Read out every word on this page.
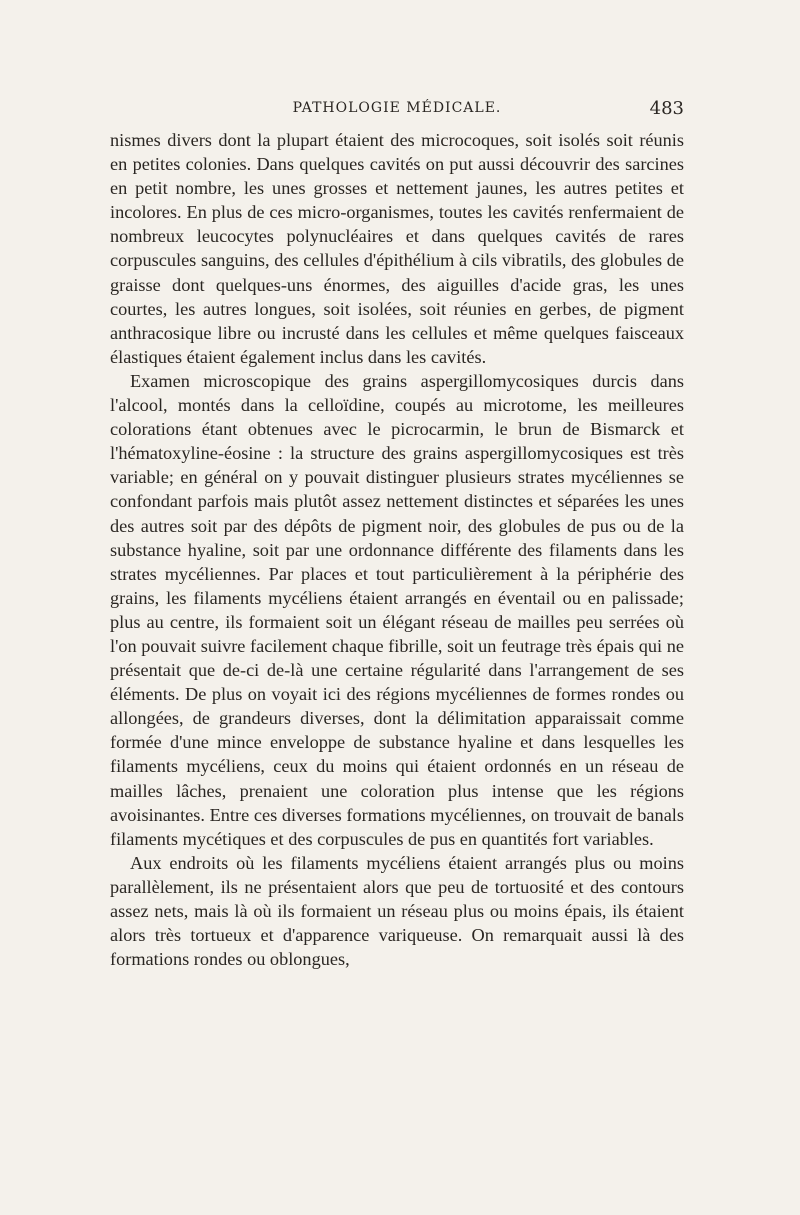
PATHOLOGIE MÉDICALE.	483

nismes divers dont la plupart étaient des microcoques, soit isolés soit réunis en petites colonies. Dans quelques cavités on put aussi découvrir des sarcines en petit nombre, les unes grosses et nettement jaunes, les autres petites et incolores. En plus de ces micro-organismes, toutes les cavités renfermaient de nombreux leucocytes polynucléaires et dans quelques cavités de rares corpuscules sanguins, des cellules d'épithélium à cils vibratils, des globules de graisse dont quelques-uns énormes, des aiguilles d'acide gras, les unes courtes, les autres longues, soit isolées, soit réunies en gerbes, de pigment anthracosique libre ou incrusté dans les cellules et même quelques faisceaux élastiques étaient également inclus dans les cavités.

Examen microscopique des grains aspergillomycosiques durcis dans l'alcool, montés dans la celloïdine, coupés au microtome, les meilleures colorations étant obtenues avec le picrocarmin, le brun de Bismarck et l'hématoxyline-éosine : la structure des grains aspergillomycosiques est très variable; en général on y pouvait distinguer plusieurs strates mycéliennes se confondant parfois mais plutôt assez nettement distinctes et séparées les unes des autres soit par des dépôts de pigment noir, des globules de pus ou de la substance hyaline, soit par une ordonnance différente des filaments dans les strates mycéliennes. Par places et tout particulièrement à la périphérie des grains, les filaments mycéliens étaient arrangés en éventail ou en palissade; plus au centre, ils formaient soit un élégant réseau de mailles peu serrées où l'on pouvait suivre facilement chaque fibrille, soit un feutrage très épais qui ne présentait que de-ci de-là une certaine régularité dans l'arrangement de ses éléments. De plus on voyait ici des régions mycéliennes de formes rondes ou allongées, de grandeurs diverses, dont la délimitation apparaissait comme formée d'une mince enveloppe de substance hyaline et dans lesquelles les filaments mycéliens, ceux du moins qui étaient ordonnés en un réseau de mailles lâches, prenaient une coloration plus intense que les régions avoisinantes. Entre ces diverses formations mycéliennes, on trouvait de banals filaments mycétiques et des corpuscules de pus en quantités fort variables.

Aux endroits où les filaments mycéliens étaient arrangés plus ou moins parallèlement, ils ne présentaient alors que peu de tortuosité et des contours assez nets, mais là où ils formaient un réseau plus ou moins épais, ils étaient alors très tortueux et d'apparence variqueuse. On remarquait aussi là des formations rondes ou oblongues,
